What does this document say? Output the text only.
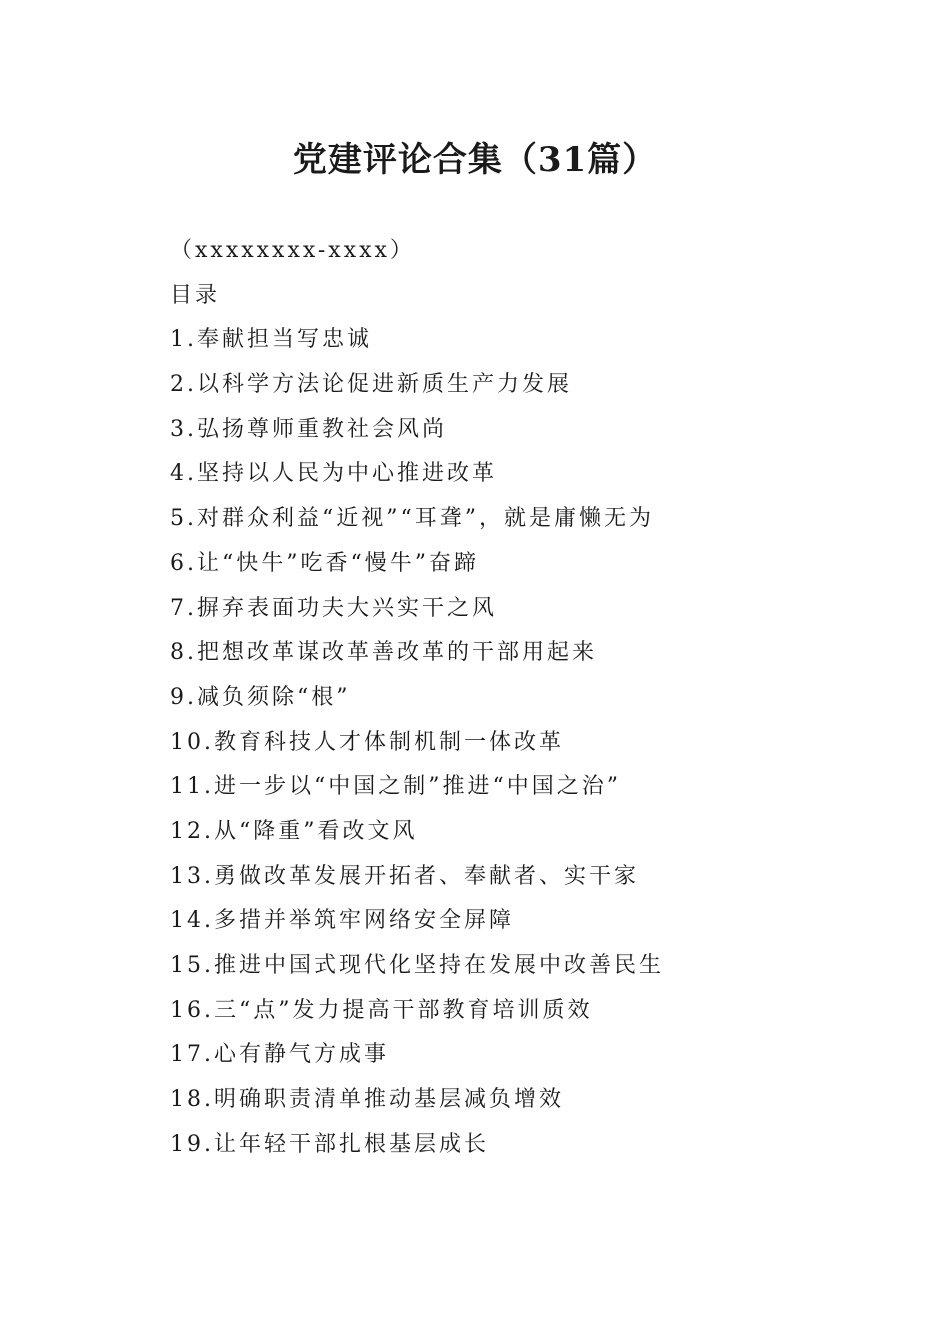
党建评论合集（31篇）
（xxxxxxxx-xxxx）
目录
1.奉献担当写忠诚
2.以科学方法论促进新质生产力发展
3.弘扬尊师重教社会风尚
4.坚持以人民为中心推进改革
5.对群众利益“近视”“耳聋”，就是庸懒无为
6.让“快牛”吃香“慢牛”奋蹄
7.摒弃表面功夫大兴实干之风
8.把想改革谋改革善改革的干部用起来
9.减负须除“根”
10.教育科技人才体制机制一体改革
11.进一步以“中国之制”推进“中国之治”
12.从“降重”看改文风
13.勇做改革发展开拓者、奉献者、实干家
14.多措并举筑牢网络安全屏障
15.推进中国式现代化坚持在发展中改善民生
16.三“点”发力提高干部教育培训质效
17.心有静气方成事
18.明确职责清单推动基层减负增效
19.让年轻干部扎根基层成长
